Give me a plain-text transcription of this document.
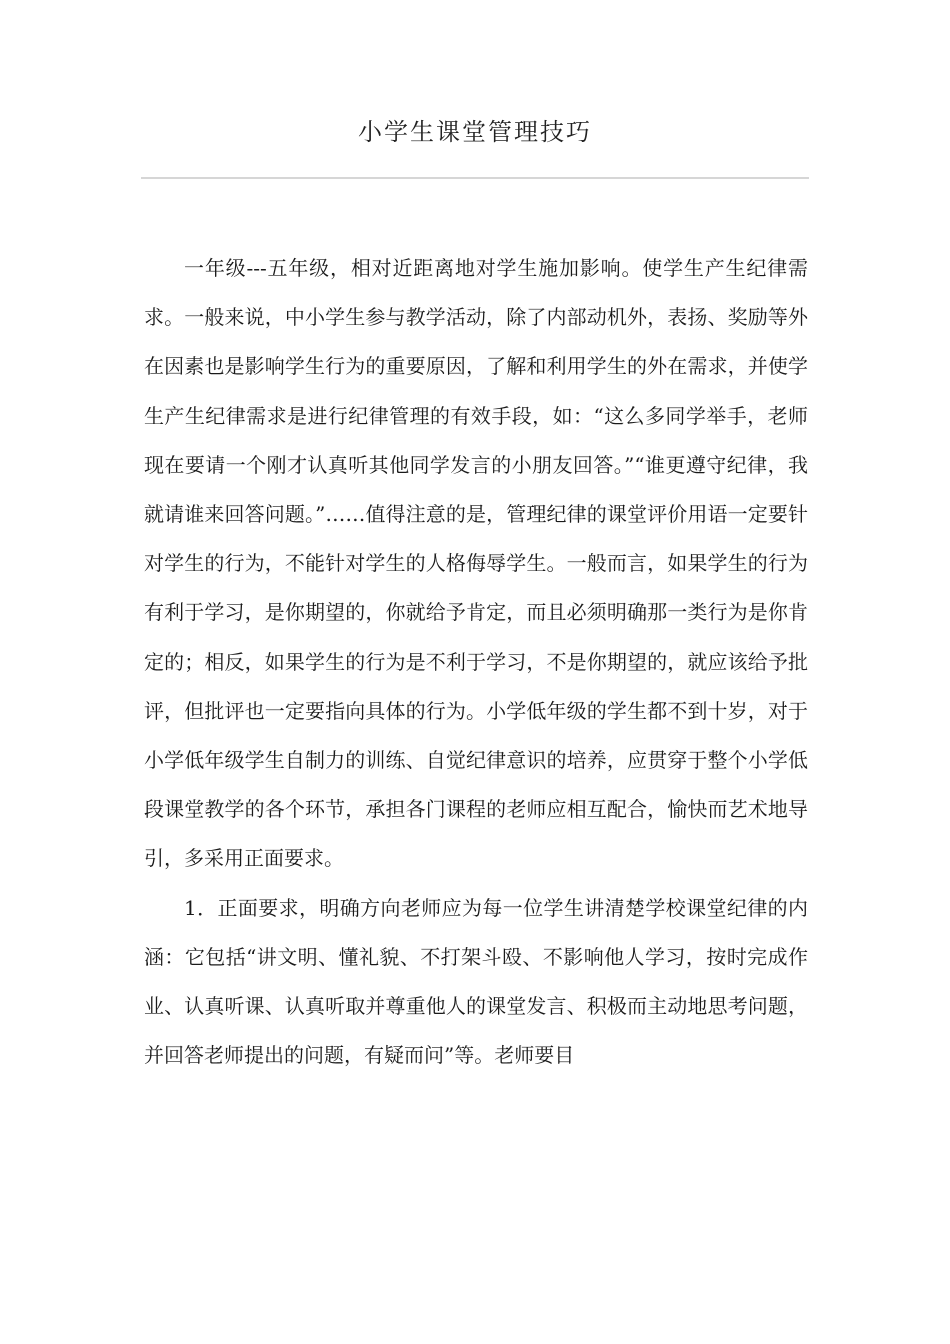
小学生课堂管理技巧

一年级---五年级，相对近距离地对学生施加影响。使学生产生纪律需求。一般来说，中小学生参与教学活动，除了内部动机外，表扬、奖励等外在因素也是影响学生行为的重要原因，了解和利用学生的外在需求，并使学生产生纪律需求是进行纪律管理的有效手段，如：“这么多同学举手，老师现在要请一个刚才认真听其他同学发言的小朋友回答。”“谁更遵守纪律，我就请谁来回答问题。”……值得注意的是，管理纪律的课堂评价用语一定要针对学生的行为，不能针对学生的人格侮辱学生。一般而言，如果学生的行为有利于学习，是你期望的，你就给予肯定，而且必须明确那一类行为是你肯定的；相反，如果学生的行为是不利于学习，不是你期望的，就应该给予批评，但批评也一定要指向具体的行为。小学低年级的学生都不到十岁，对于小学低年级学生自制力的训练、自觉纪律意识的培养，应贯穿于整个小学低段课堂教学的各个环节，承担各门课程的老师应相互配合，愉快而艺术地导引，多采用正面要求。

1．正面要求，明确方向老师应为每一位学生讲清楚学校课堂纪律的内涵：它包括“讲文明、懂礼貌、不打架斗殴、不影响他人学习，按时完成作业、认真听课、认真听取并尊重他人的课堂发言、积极而主动地思考问题，并回答老师提出的问题，有疑而问”等。老师要目
